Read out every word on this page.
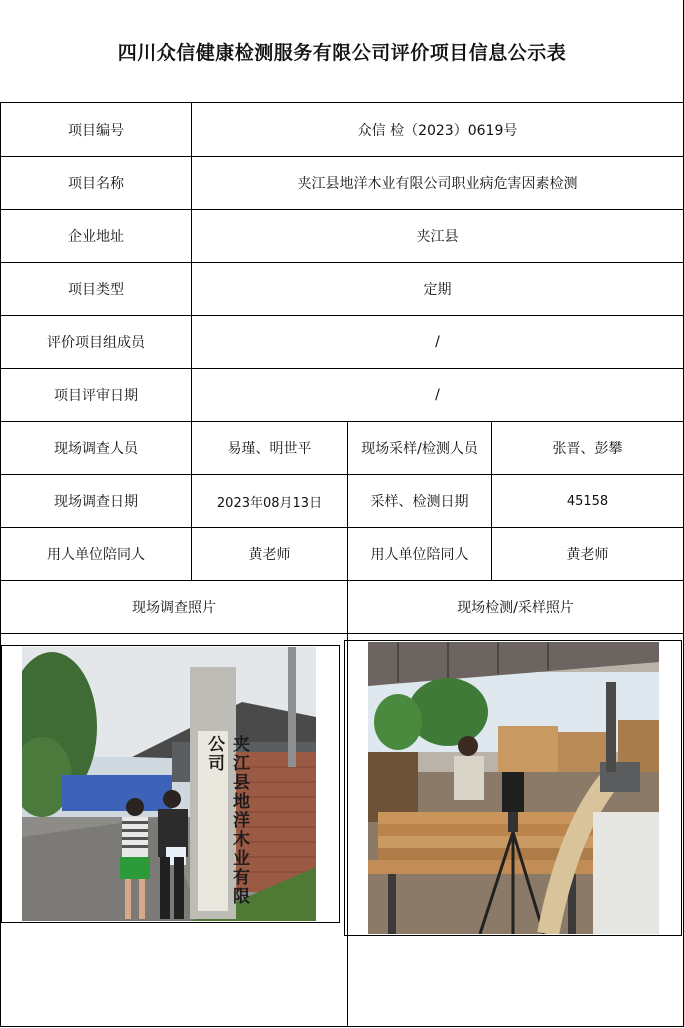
四川众信健康检测服务有限公司评价项目信息公示表
项目编号	众信 检（2023）0619号
项目名称	夹江县地洋木业有限公司职业病危害因素检测
企业地址	夹江县
项目类型	定期
评价项目组成员	/
项目评审日期	/
现场调查人员	易瑾、明世平	现场采样/检测人员	张晋、彭攀
现场调查日期	2023年08月13日	采样、检测日期	45158
用人单位陪同人	黄老师	用人单位陪同人	黄老师
现场调查照片	现场检测/采样照片
夹江县地洋木业有限公司
